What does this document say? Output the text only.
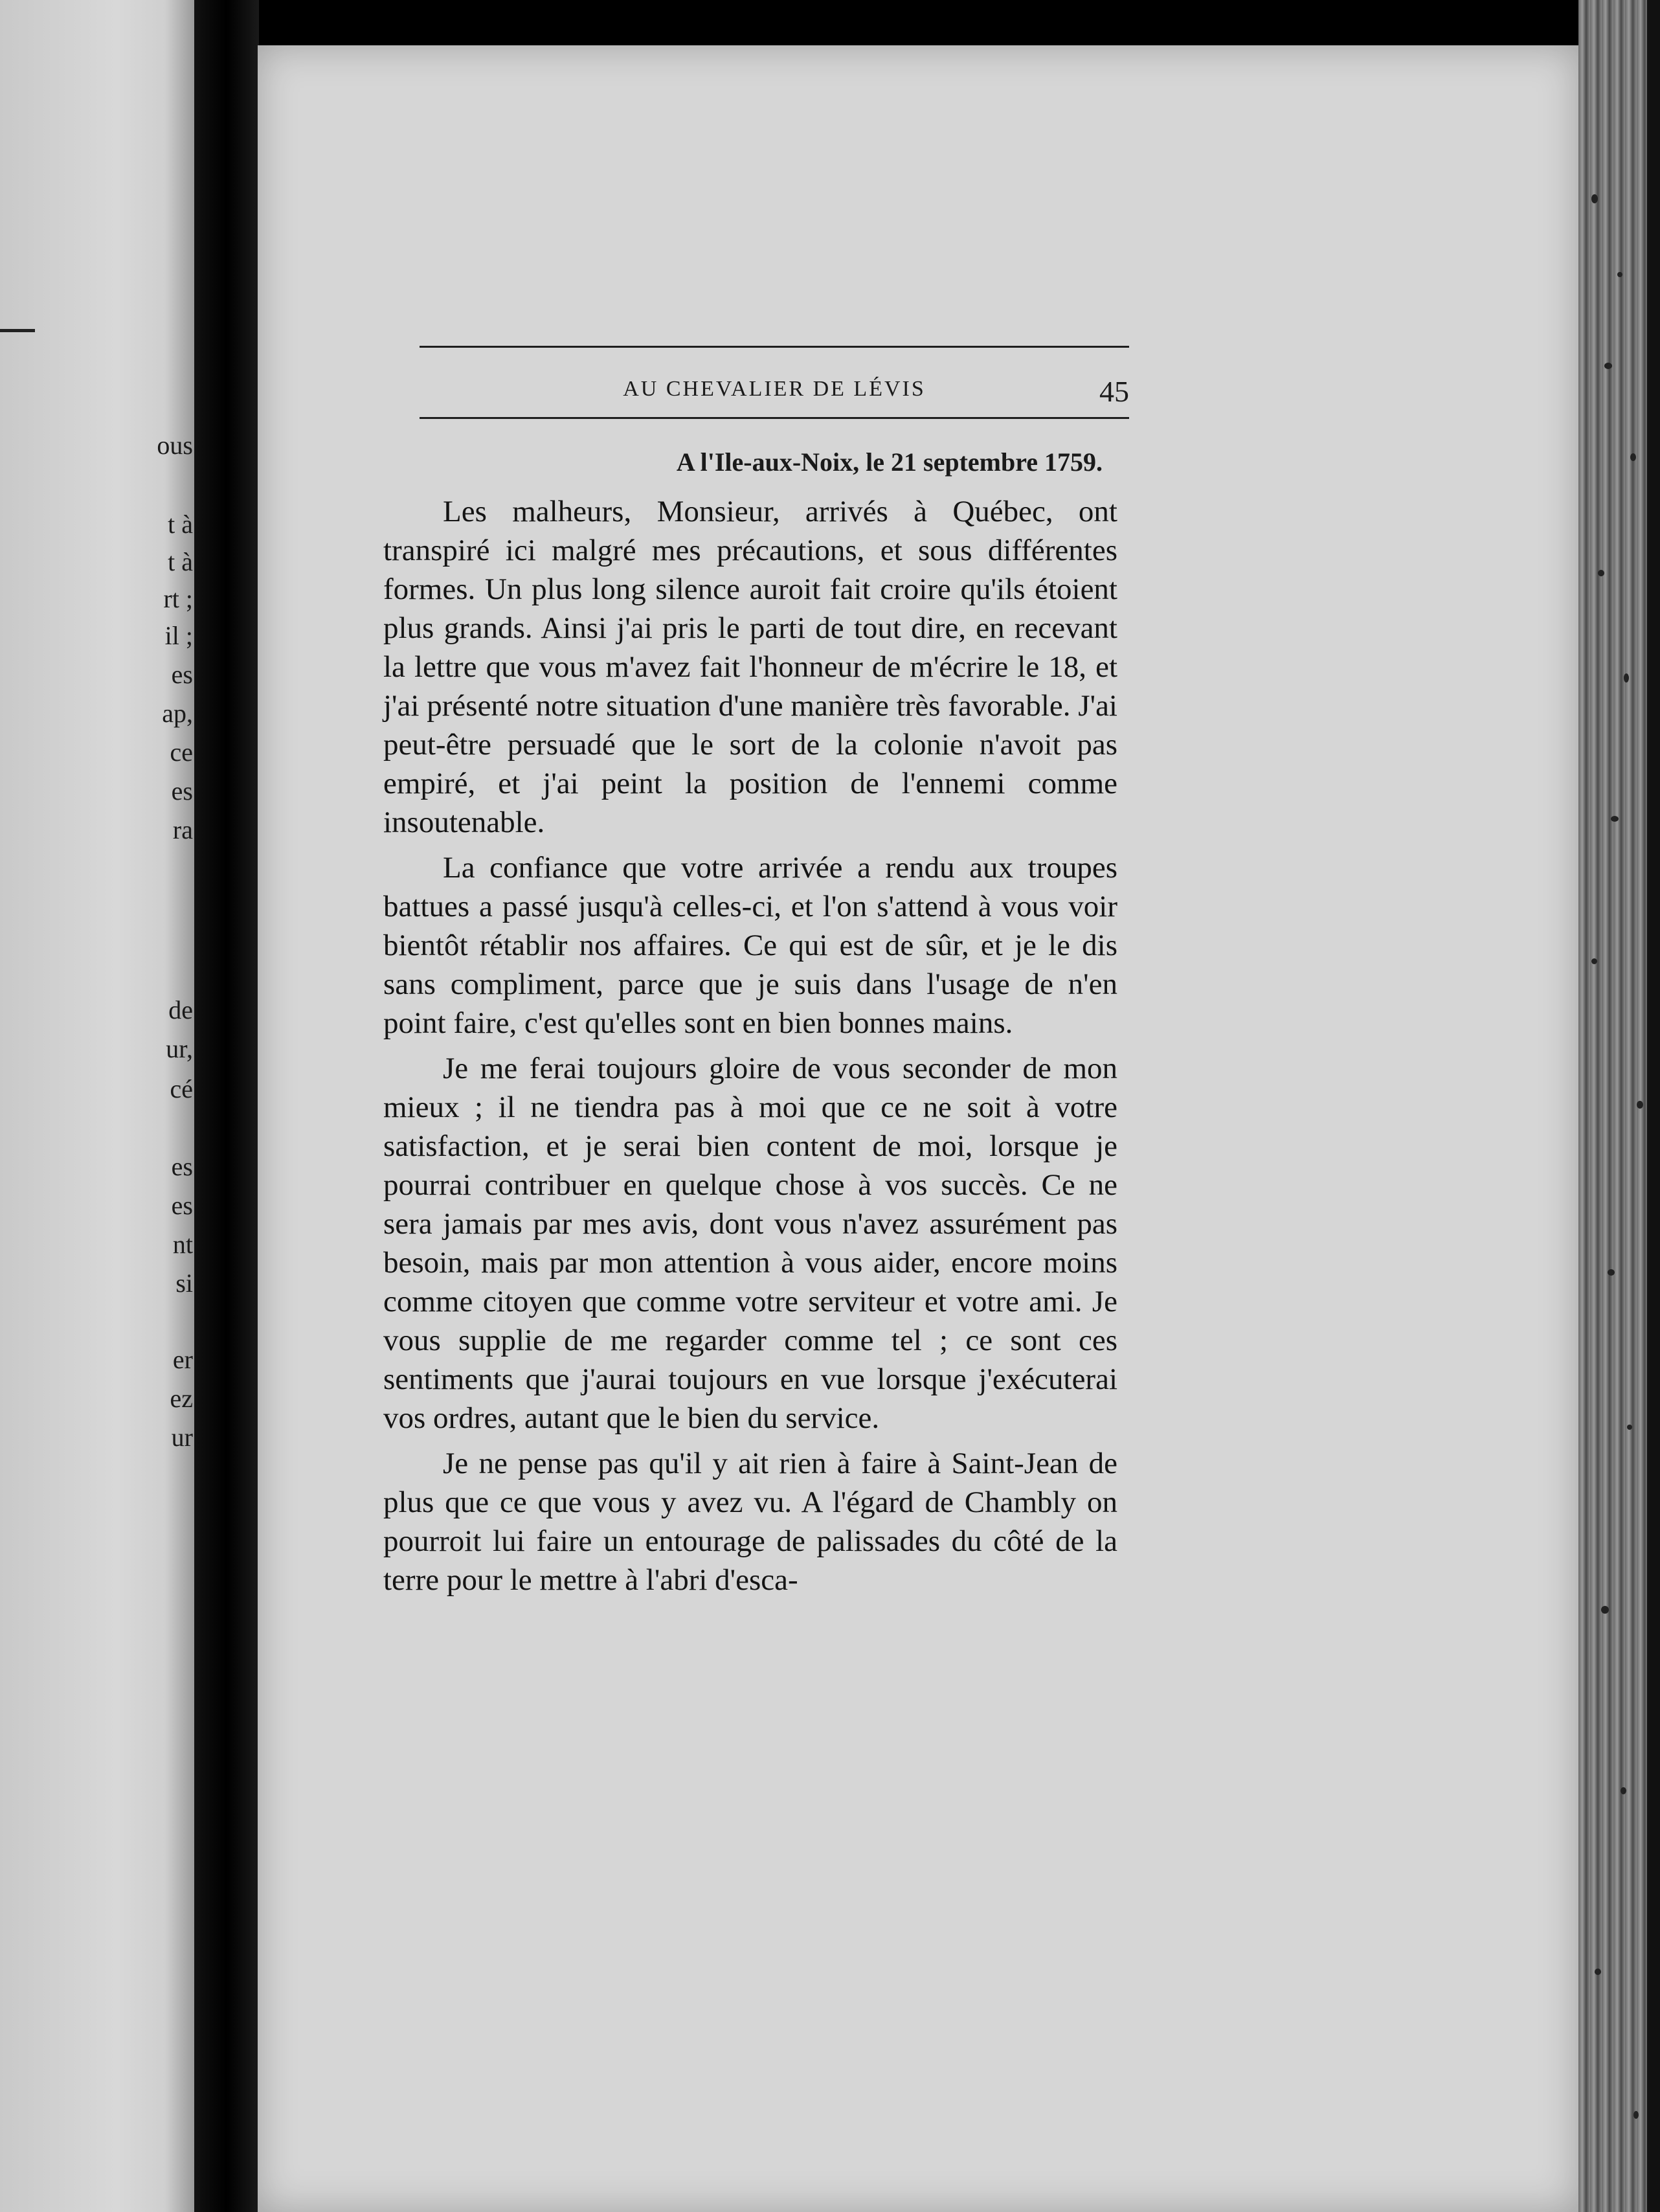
ous
t à
t à
rt ;
il ;
es
ap,
ce
es
ra
de
ur,
cé
es
es
nt
si
er
ez
ur
AU CHEVALIER DE LÉVIS	45
A l'Ile-aux-Noix, le 21 septembre 1759.

Les malheurs, Monsieur, arrivés à Québec, ont transpiré ici malgré mes précautions, et sous différentes formes. Un plus long silence auroit fait croire qu'ils étoient plus grands. Ainsi j'ai pris le parti de tout dire, en recevant la lettre que vous m'avez fait l'honneur de m'écrire le 18, et j'ai présenté notre situation d'une manière très favorable. J'ai peut-être persuadé que le sort de la colonie n'avoit pas empiré, et j'ai peint la position de l'ennemi comme insoutenable.

La confiance que votre arrivée a rendu aux troupes battues a passé jusqu'à celles-ci, et l'on s'attend à vous voir bientôt rétablir nos affaires. Ce qui est de sûr, et je le dis sans compliment, parce que je suis dans l'usage de n'en point faire, c'est qu'elles sont en bien bonnes mains.

Je me ferai toujours gloire de vous seconder de mon mieux ; il ne tiendra pas à moi que ce ne soit à votre satisfaction, et je serai bien content de moi, lorsque je pourrai contribuer en quelque chose à vos succès. Ce ne sera jamais par mes avis, dont vous n'avez assurément pas besoin, mais par mon attention à vous aider, encore moins comme citoyen que comme votre serviteur et votre ami. Je vous supplie de me regarder comme tel ; ce sont ces sentiments que j'aurai toujours en vue lorsque j'exécuterai vos ordres, autant que le bien du service.

Je ne pense pas qu'il y ait rien à faire à Saint-Jean de plus que ce que vous y avez vu. A l'égard de Chambly on pourroit lui faire un entourage de palissades du côté de la terre pour le mettre à l'abri d'esca-
